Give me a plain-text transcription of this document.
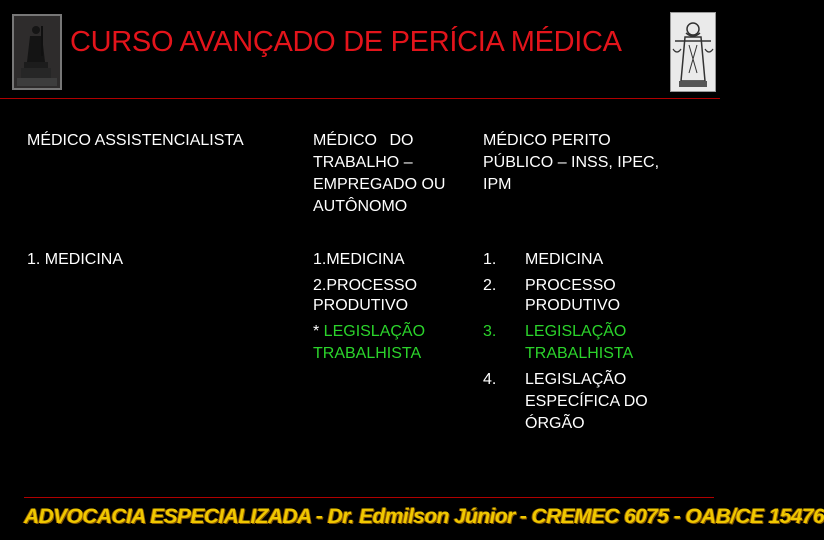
CURSO AVANÇADO DE PERÍCIA MÉDICA
MÉDICO ASSISTENCIALISTA
1. MEDICINA
MÉDICO DO
TRABALHO –
EMPREGADO OU
AUTÔNOMO
1.MEDICINA
2.PROCESSO
PRODUTIVO
* LEGISLAÇÃO
TRABALHISTA
MÉDICO PERITO
PÚBLICO – INSS, IPEC,
IPM
1. MEDICINA
2. PROCESSO
PRODUTIVO
3. LEGISLAÇÃO
TRABALHISTA
4. LEGISLAÇÃO
ESPECÍFICA DO
ÓRGÃO
ADVOCACIA ESPECIALIZADA - Dr. Edmilson Júnior - CREMEC 6075 - OAB/CE 15476
